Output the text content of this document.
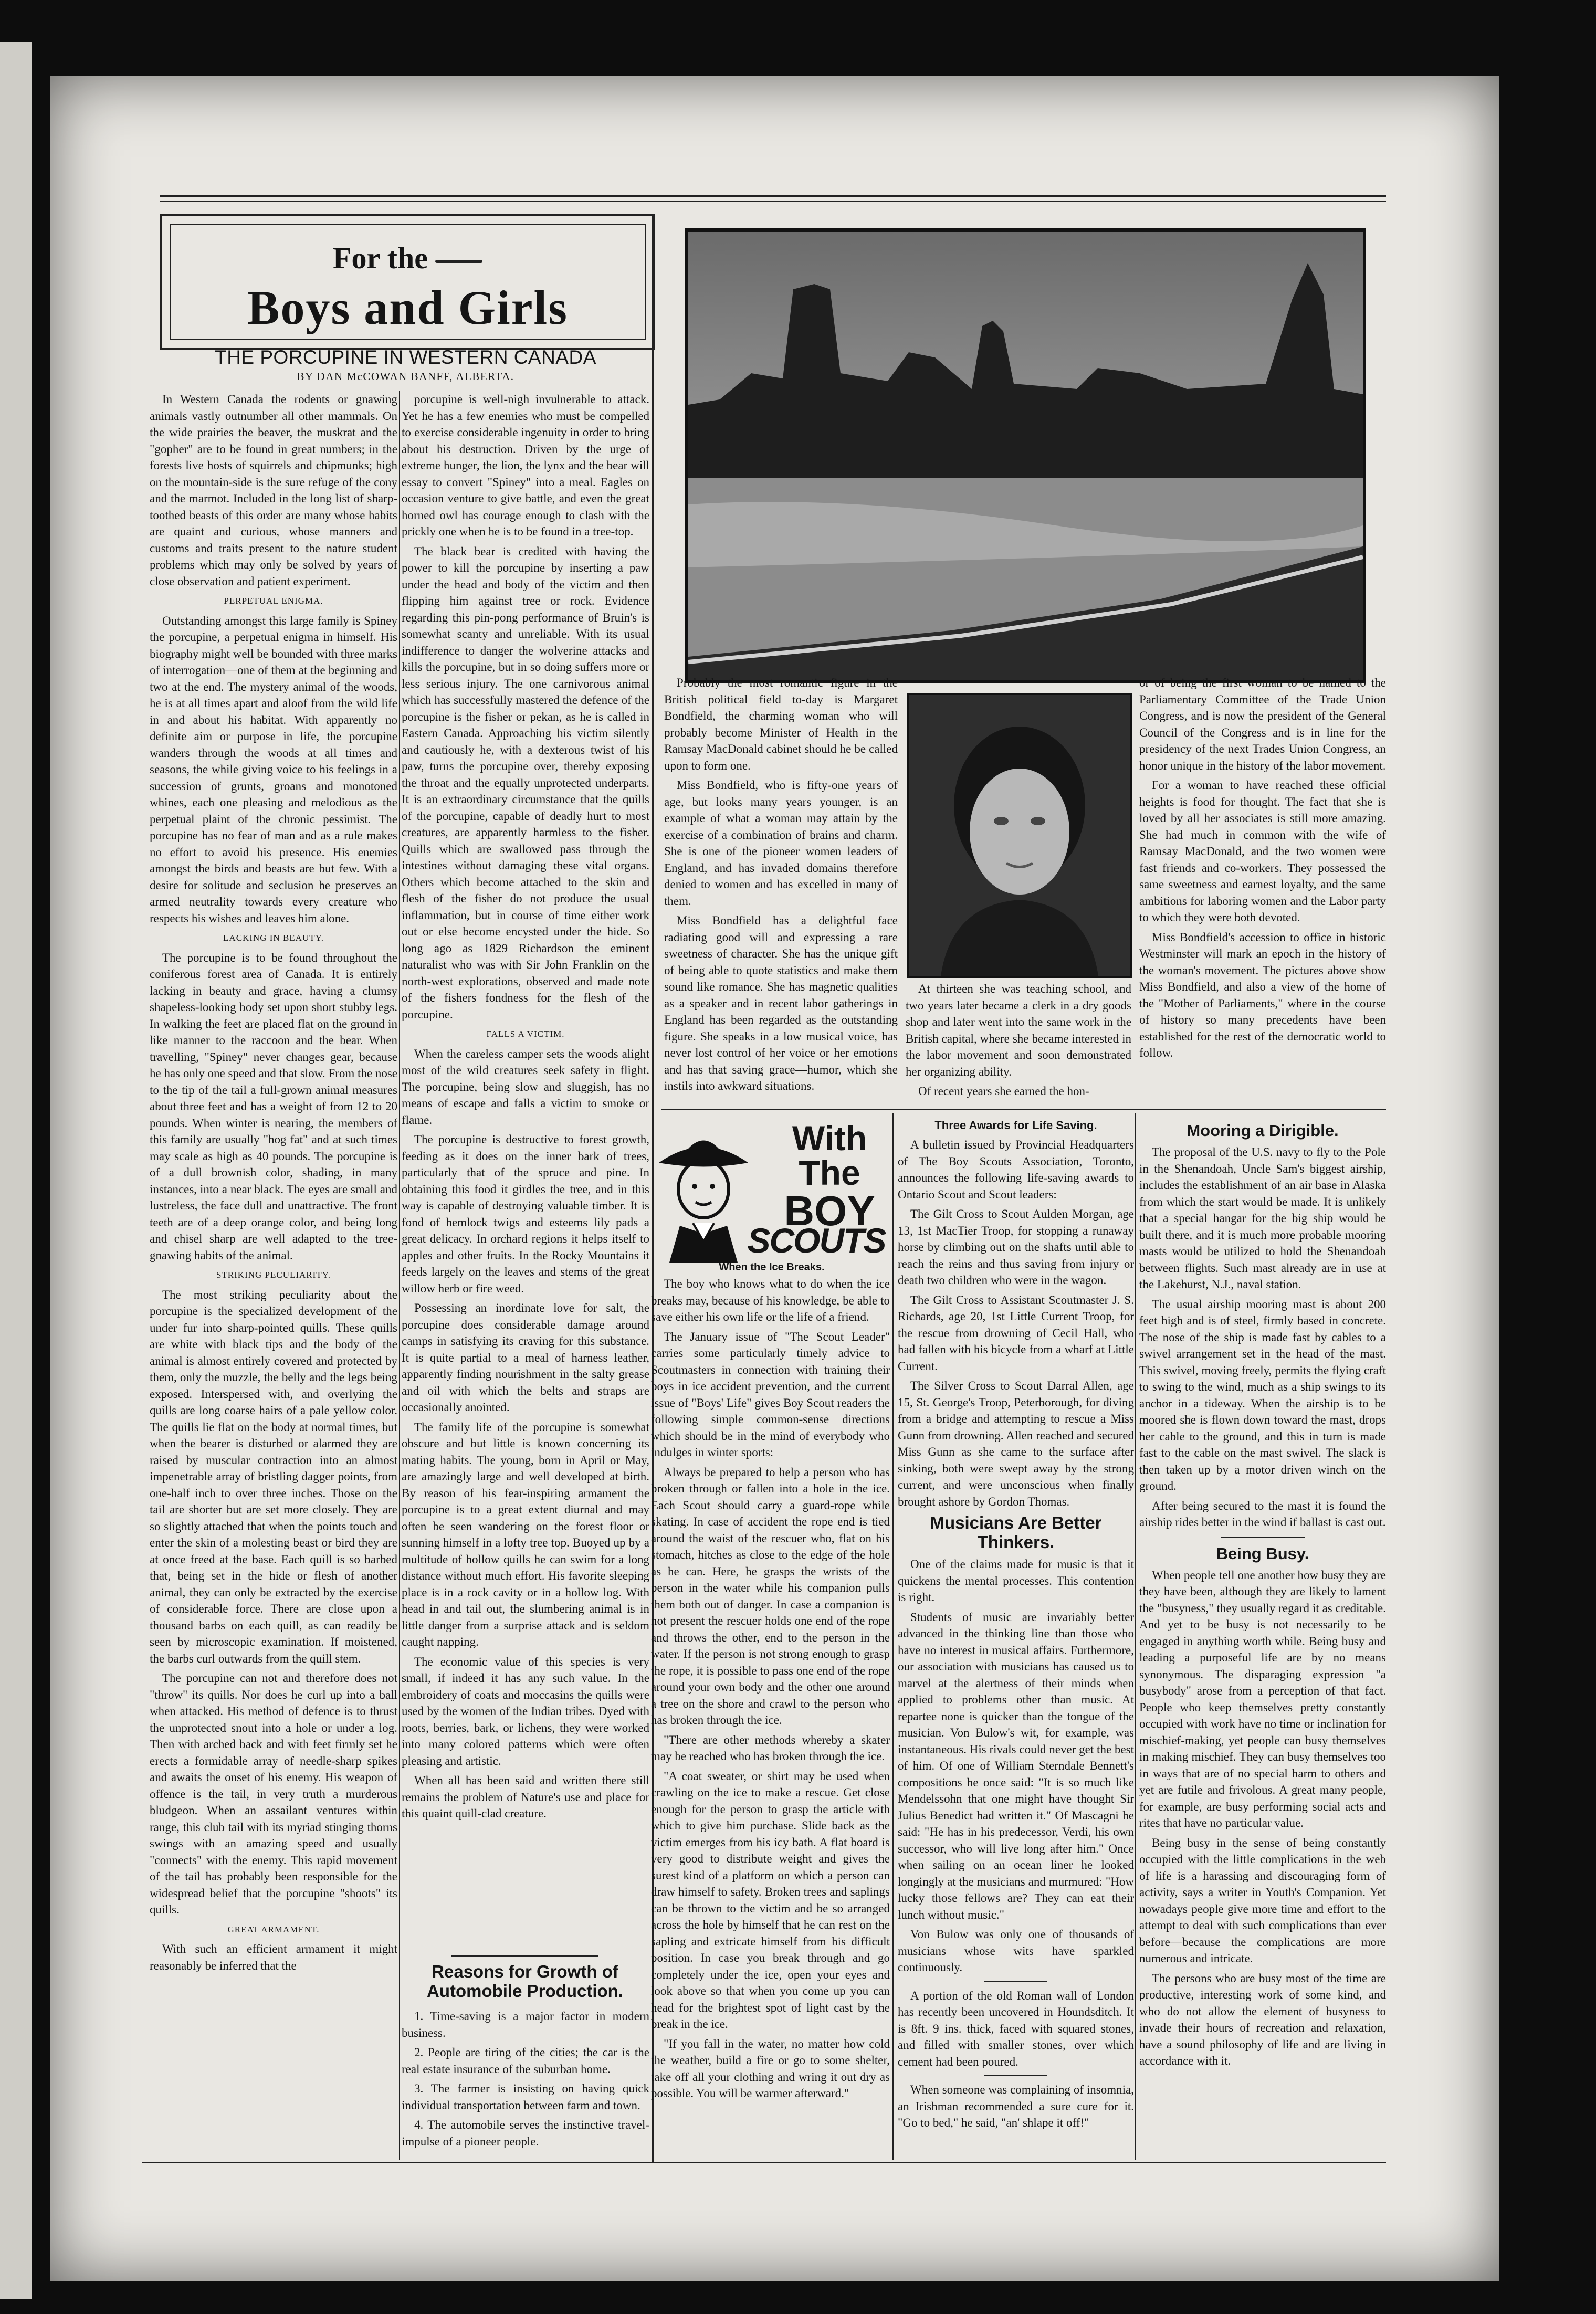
For the
Boys and Girls
THE PORCUPINE IN WESTERN CANADA
BY DAN McCOWAN BANFF, ALBERTA.

In Western Canada the rodents or gnawing animals vastly outnumber all other mammals. On the wide prairies the beaver, the muskrat and the "gopher" are to be found in great numbers; in the forests live hosts of squirrels and chipmunks; high on the mountain-side is the sure refuge of the cony and the marmot. Included in the long list of sharp-toothed beasts of this order are many whose habits are quaint and curious, whose manners and customs and traits present to the nature student problems which may only be solved by years of close observation and patient experiment.

PERPETUAL ENIGMA.

Outstanding amongst this large family is Spiney the porcupine, a perpetual enigma in himself. His biography might well be bounded with three marks of interrogation—one of them at the beginning and two at the end. The mystery animal of the woods, he is at all times apart and aloof from the wild life in and about his habitat. With apparently no definite aim or purpose in life, the porcupine wanders through the woods at all times and seasons, the while giving voice to his feelings in a succession of grunts, groans and monotoned whines, each one pleasing and melodious as the perpetual plaint of the chronic pessimist. The porcupine has no fear of man and as a rule makes no effort to avoid his presence. His enemies amongst the birds and beasts are but few. With a desire for solitude and seclusion he preserves an armed neutrality towards every creature who respects his wishes and leaves him alone.

LACKING IN BEAUTY.

The porcupine is to be found throughout the coniferous forest area of Canada. It is entirely lacking in beauty and grace, having a clumsy shapeless-looking body set upon short stubby legs. In walking the feet are placed flat on the ground in like manner to the raccoon and the bear. When travelling, "Spiney" never changes gear, because he has only one speed and that slow. From the nose to the tip of the tail a full-grown animal measures about three feet and has a weight of from 12 to 20 pounds. When winter is nearing, the members of this family are usually "hog fat" and at such times may scale as high as 40 pounds. The porcupine is of a dull brownish color, shading, in many instances, into a near black. The eyes are small and lustreless, the face dull and unattractive. The front teeth are of a deep orange color, and being long and chisel sharp are well adapted to the tree-gnawing habits of the animal.

STRIKING PECULIARITY.

The most striking peculiarity about the porcupine is the specialized development of the under fur into sharp-pointed quills. These quills are white with black tips and the body of the animal is almost entirely covered and protected by them, only the muzzle, the belly and the legs being exposed. Interspersed with, and overlying the quills are long coarse hairs of a pale yellow color. The quills lie flat on the body at normal times, but when the bearer is disturbed or alarmed they are raised by muscular contraction into an almost impenetrable array of bristling dagger points, from one-half inch to over three inches. Those on the tail are shorter but are set more closely. They are so slightly attached that when the points touch and enter the skin of a molesting beast or bird they are at once freed at the base. Each quill is so barbed that, being set in the hide or flesh of another animal, they can only be extracted by the exercise of considerable force. There are close upon a thousand barbs on each quill, as can readily be seen by microscopic examination. If moistened, the barbs curl outwards from the quill stem.

The porcupine can not and therefore does not "throw" its quills. Nor does he curl up into a ball when attacked. His method of defence is to thrust the unprotected snout into a hole or under a log. Then with arched back and with feet firmly set he erects a formidable array of needle-sharp spikes and awaits the onset of his enemy. His weapon of offence is the tail, in very truth a murderous bludgeon. When an assailant ventures within range, this club tail with its myriad stinging thorns swings with an amazing speed and usually "connects" with the enemy. This rapid movement of the tail has probably been responsible for the widespread belief that the porcupine "shoots" its quills.

GREAT ARMAMENT.

With such an efficient armament it might reasonably be inferred that the

porcupine is well-nigh invulnerable to attack. Yet he has a few enemies who must be compelled to exercise considerable ingenuity in order to bring about his destruction. Driven by the urge of extreme hunger, the lion, the lynx and the bear will essay to convert "Spiney" into a meal. Eagles on occasion venture to give battle, and even the great horned owl has courage enough to clash with the prickly one when he is to be found in a tree-top.

The black bear is credited with having the power to kill the porcupine by inserting a paw under the head and body of the victim and then flipping him against tree or rock. Evidence regarding this pin-pong performance of Bruin's is somewhat scanty and unreliable. With its usual indifference to danger the wolverine attacks and kills the porcupine, but in so doing suffers more or less serious injury. The one carnivorous animal which has successfully mastered the defence of the porcupine is the fisher or pekan, as he is called in Eastern Canada. Approaching his victim silently and cautiously he, with a dexterous twist of his paw, turns the porcupine over, thereby exposing the throat and the equally unprotected underparts. It is an extraordinary circumstance that the quills of the porcupine, capable of deadly hurt to most creatures, are apparently harmless to the fisher. Quills which are swallowed pass through the intestines without damaging these vital organs. Others which become attached to the skin and flesh of the fisher do not produce the usual inflammation, but in course of time either work out or else become encysted under the hide. So long ago as 1829 Richardson the eminent naturalist who was with Sir John Franklin on the north-west explorations, observed and made note of the fishers fondness for the flesh of the porcupine.

FALLS A VICTIM.

When the careless camper sets the woods alight most of the wild creatures seek safety in flight. The porcupine, being slow and sluggish, has no means of escape and falls a victim to smoke or flame.

The porcupine is destructive to forest growth, feeding as it does on the inner bark of trees, particularly that of the spruce and pine. In obtaining this food it girdles the tree, and in this way is capable of destroying valuable timber. It is fond of hemlock twigs and esteems lily pads a great delicacy. In orchard regions it helps itself to apples and other fruits. In the Rocky Mountains it feeds largely on the leaves and stems of the great willow herb or fire weed.

Possessing an inordinate love for salt, the porcupine does considerable damage around camps in satisfying its craving for this substance. It is quite partial to a meal of harness leather, apparently finding nourishment in the salty grease and oil with which the belts and straps are occasionally anointed.

The family life of the porcupine is somewhat obscure and but little is known concerning its mating habits. The young, born in April or May, are amazingly large and well developed at birth. By reason of his fear-inspiring armament the porcupine is to a great extent diurnal and may often be seen wandering on the forest floor or sunning himself in a lofty tree top. Buoyed up by a multitude of hollow quills he can swim for a long distance without much effort. His favorite sleeping place is in a rock cavity or in a hollow log. With head in and tail out, the slumbering animal is in little danger from a surprise attack and is seldom caught napping.

The economic value of this species is very small, if indeed it has any such value. In the embroidery of coats and moccasins the quills were used by the women of the Indian tribes. Dyed with roots, berries, bark, or lichens, they were worked into many colored patterns which were often pleasing and artistic.

When all has been said and written there still remains the problem of Nature's use and place for this quaint quill-clad creature.

Reasons for Growth of Automobile Production.

1. Time-saving is a major factor in modern business.

2. People are tiring of the cities; the car is the real estate insurance of the suburban home.

3. The farmer is insisting on having quick individual transportation between farm and town.

4. The automobile serves the instinctive travel-impulse of a pioneer people.

Probably the most romantic figure in the British political field to-day is Margaret Bondfield, the charming woman who will probably become Minister of Health in the Ramsay MacDonald cabinet should he be called upon to form one.

Miss Bondfield, who is fifty-one years of age, but looks many years younger, is an example of what a woman may attain by the exercise of a combination of brains and charm. She is one of the pioneer women leaders of England, and has invaded domains therefore denied to women and has excelled in many of them.

Miss Bondfield has a delightful face radiating good will and expressing a rare sweetness of character. She has the unique gift of being able to quote statistics and make them sound like romance. She has magnetic qualities as a speaker and in recent labor gatherings in England has been regarded as the outstanding figure. She speaks in a low musical voice, has never lost control of her voice or her emotions and has that saving grace—humor, which she instils into awkward situations.

At thirteen she was teaching school, and two years later became a clerk in a dry goods shop and later went into the same work in the British capital, where she became interested in the labor movement and soon demonstrated her organizing ability.

Of recent years she earned the hon-

or of being the first woman to be named to the Parliamentary Committee of the Trade Union Congress, and is now the president of the General Council of the Congress and is in line for the presidency of the next Trades Union Congress, an honor unique in the history of the labor movement.

For a woman to have reached these official heights is food for thought. The fact that she is loved by all her associates is still more amazing. She had much in common with the wife of Ramsay MacDonald, and the two women were fast friends and co-workers. They possessed the same sweetness and earnest loyalty, and the same ambitions for laboring women and the Labor party to which they were both devoted.

Miss Bondfield's accession to office in historic Westminster will mark an epoch in the history of the woman's movement. The pictures above show Miss Bondfield, and also a view of the home of the "Mother of Parliaments," where in the course of history so many precedents have been established for the rest of the democratic world to follow.

With
The
BOY
SCOUTS
When the Ice Breaks.

The boy who knows what to do when the ice breaks may, because of his knowledge, be able to save either his own life or the life of a friend.

The January issue of "The Scout Leader" carries some particularly timely advice to Scoutmasters in connection with training their boys in ice accident prevention, and the current issue of "Boys' Life" gives Boy Scout readers the following simple common-sense directions which should be in the mind of everybody who indulges in winter sports:

Always be prepared to help a person who has broken through or fallen into a hole in the ice. Each Scout should carry a guard-rope while skating. In case of accident the rope end is tied around the waist of the rescuer who, flat on his stomach, hitches as close to the edge of the hole as he can. Here, he grasps the wrists of the person in the water while his companion pulls them both out of danger. In case a companion is not present the rescuer holds one end of the rope and throws the other, end to the person in the water. If the person is not strong enough to grasp the rope, it is possible to pass one end of the rope around your own body and the other one around a tree on the shore and crawl to the person who has broken through the ice.

"There are other methods whereby a skater may be reached who has broken through the ice.

"A coat sweater, or shirt may be used when crawling on the ice to make a rescue. Get close enough for the person to grasp the article with which to give him purchase. Slide back as the victim emerges from his icy bath. A flat board is very good to distribute weight and gives the surest kind of a platform on which a person can draw himself to safety. Broken trees and saplings can be thrown to the victim and be so arranged across the hole by himself that he can rest on the sapling and extricate himself from his difficult position. In case you break through and go completely under the ice, open your eyes and look above so that when you come up you can head for the brightest spot of light cast by the break in the ice.

"If you fall in the water, no matter how cold the weather, build a fire or go to some shelter, take off all your clothing and wring it out dry as possible. You will be warmer afterward."

Three Awards for Life Saving.

A bulletin issued by Provincial Headquarters of The Boy Scouts Association, Toronto, announces the following life-saving awards to Ontario Scout and Scout leaders:

The Gilt Cross to Scout Aulden Morgan, age 13, 1st MacTier Troop, for stopping a runaway horse by climbing out on the shafts until able to reach the reins and thus saving from injury or death two children who were in the wagon.

The Gilt Cross to Assistant Scoutmaster J. S. Richards, age 20, 1st Little Current Troop, for the rescue from drowning of Cecil Hall, who had fallen with his bicycle from a wharf at Little Current.

The Silver Cross to Scout Darral Allen, age 15, St. George's Troop, Peterborough, for diving from a bridge and attempting to rescue a Miss Gunn from drowning. Allen reached and secured Miss Gunn as she came to the surface after sinking, both were swept away by the strong current, and were unconscious when finally brought ashore by Gordon Thomas.

Musicians Are Better Thinkers.

One of the claims made for music is that it quickens the mental processes. This contention is right.

Students of music are invariably better advanced in the thinking line than those who have no interest in musical affairs. Furthermore, our association with musicians has caused us to marvel at the alertness of their minds when applied to problems other than music. At repartee none is quicker than the tongue of the musician. Von Bulow's wit, for example, was instantaneous. His rivals could never get the best of him. Of one of William Sterndale Bennett's compositions he once said: "It is so much like Mendelssohn that one might have thought Sir Julius Benedict had written it." Of Mascagni he said: "He has in his predecessor, Verdi, his own successor, who will live long after him." Once when sailing on an ocean liner he looked longingly at the musicians and murmured: "How lucky those fellows are? They can eat their lunch without music."

Von Bulow was only one of thousands of musicians whose wits have sparkled continuously.

A portion of the old Roman wall of London has recently been uncovered in Houndsditch. It is 8ft. 9 ins. thick, faced with squared stones, and filled with smaller stones, over which cement had been poured.

When someone was complaining of insomnia, an Irishman recommended a sure cure for it. "Go to bed," he said, "an' shlape it off!"

Mooring a Dirigible.

The proposal of the U.S. navy to fly to the Pole in the Shenandoah, Uncle Sam's biggest airship, includes the establishment of an air base in Alaska from which the start would be made. It is unlikely that a special hangar for the big ship would be built there, and it is much more probable mooring masts would be utilized to hold the Shenandoah between flights. Such mast already are in use at the Lakehurst, N.J., naval station.

The usual airship mooring mast is about 200 feet high and is of steel, firmly based in concrete. The nose of the ship is made fast by cables to a swivel arrangement set in the head of the mast. This swivel, moving freely, permits the flying craft to swing to the wind, much as a ship swings to its anchor in a tideway. When the airship is to be moored she is flown down toward the mast, drops her cable to the ground, and this in turn is made fast to the cable on the mast swivel. The slack is then taken up by a motor driven winch on the ground.

After being secured to the mast it is found the airship rides better in the wind if ballast is cast out.

Being Busy.

When people tell one another how busy they are they have been, although they are likely to lament the "busyness," they usually regard it as creditable. And yet to be busy is not necessarily to be engaged in anything worth while. Being busy and leading a purposeful life are by no means synonymous. The disparaging expression "a busybody" arose from a perception of that fact. People who keep themselves pretty constantly occupied with work have no time or inclination for mischief-making, yet people can busy themselves in making mischief. They can busy themselves too in ways that are of no special harm to others and yet are futile and frivolous. A great many people, for example, are busy performing social acts and rites that have no particular value.

Being busy in the sense of being constantly occupied with the little complications in the web of life is a harassing and discouraging form of activity, says a writer in Youth's Companion. Yet nowadays people give more time and effort to the attempt to deal with such complications than ever before—because the complications are more numerous and intricate.

The persons who are busy most of the time are productive, interesting work of some kind, and who do not allow the element of busyness to invade their hours of recreation and relaxation, have a sound philosophy of life and are living in accordance with it.
